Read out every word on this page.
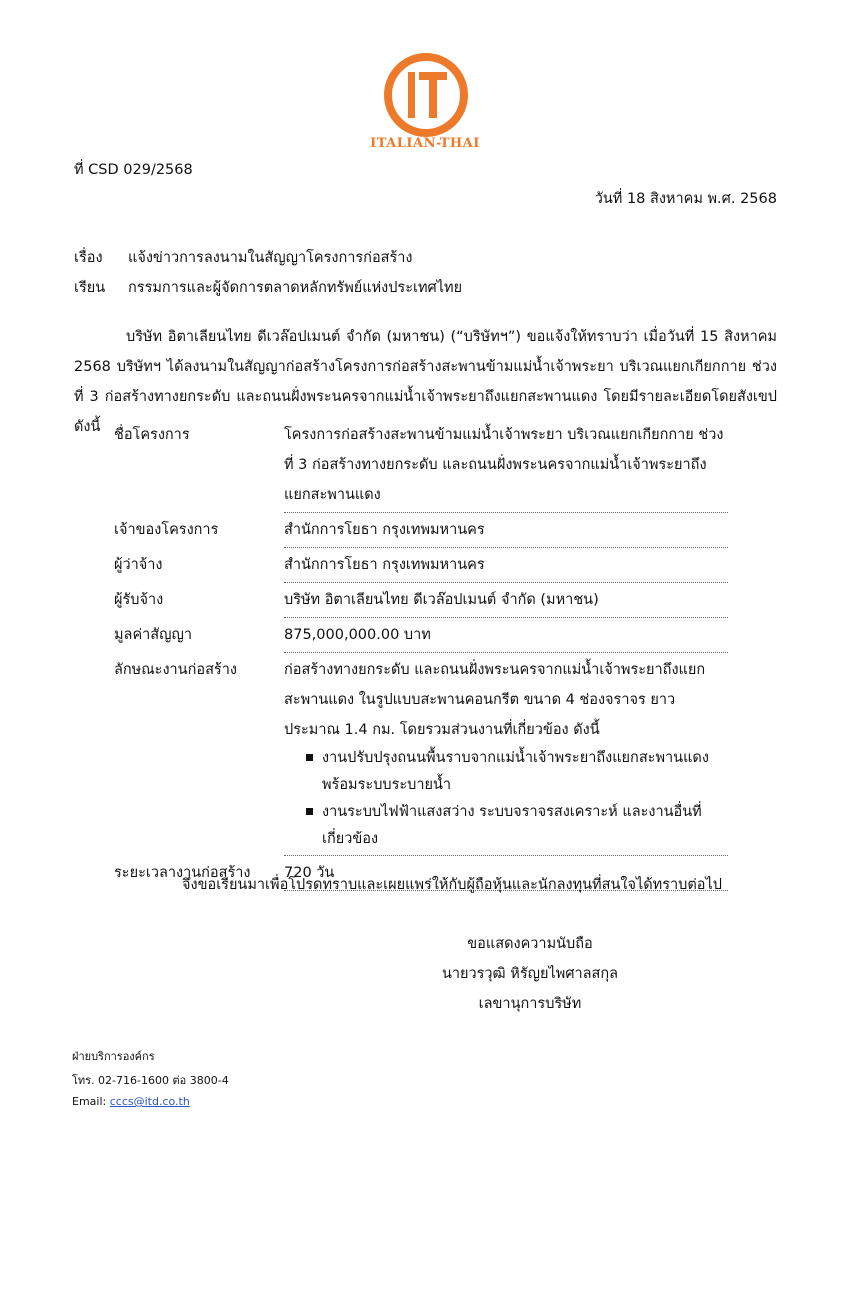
ITALIAN-THAI
ที่ CSD 029/2568
วันที่ 18 สิงหาคม พ.ศ. 2568
เรื่อง แจ้งข่าวการลงนามในสัญญาโครงการก่อสร้าง
เรียน กรรมการและผู้จัดการตลาดหลักทรัพย์แห่งประเทศไทย
บริษัท อิตาเลียนไทย ดีเวล๊อปเมนต์ จำกัด (มหาชน) (“บริษัทฯ”) ขอแจ้งให้ทราบว่า เมื่อวันที่ 15 สิงหาคม 2568 บริษัทฯ ได้ลงนามในสัญญาก่อสร้างโครงการก่อสร้างสะพานข้ามแม่น้ำเจ้าพระยา บริเวณแยกเกียกกาย ช่วงที่ 3 ก่อสร้างทางยกระดับ และถนนฝั่งพระนครจากแม่น้ำเจ้าพระยาถึงแยกสะพานแดง โดยมีรายละเอียดโดยสังเขป ดังนี้ ชื่อโครงการ	โครงการก่อสร้างสะพานข้ามแม่น้ำเจ้าพระยา บริเวณแยกเกียกกาย ช่วงที่ 3 ก่อสร้างทางยกระดับ และถนนฝั่งพระนครจากแม่น้ำเจ้าพระยาถึงแยกสะพานแดง
เจ้าของโครงการ	สำนักการโยธา กรุงเทพมหานคร
ผู้ว่าจ้าง	สำนักการโยธา กรุงเทพมหานคร
ผู้รับจ้าง	บริษัท อิตาเลียนไทย ดีเวล๊อปเมนต์ จำกัด (มหาชน)
มูลค่าสัญญา	875,000,000.00 บาท
ลักษณะงานก่อสร้าง	ก่อสร้างทางยกระดับ และถนนฝั่งพระนครจากแม่น้ำเจ้าพระยาถึงแยกสะพานแดง ในรูปแบบสะพานคอนกรีต ขนาด 4 ช่องจราจร ยาวประมาณ 1.4 กม. โดยรวมส่วนงานที่เกี่ยวข้อง ดังนี้
งานปรับปรุงถนนพื้นราบจากแม่น้ำเจ้าพระยาถึงแยกสะพานแดง พร้อมระบบระบายน้ำ
งานระบบไฟฟ้าแสงสว่าง ระบบจราจรสงเคราะห์ และงานอื่นที่เกี่ยวข้อง
ระยะเวลางานก่อสร้าง	720 วัน
จึงขอเรียนมาเพื่อโปรดทราบและเผยแพร่ให้กับผู้ถือหุ้นและนักลงทุนที่สนใจได้ทราบต่อไป
ขอแสดงความนับถือ
นายวรวุฒิ หิรัญยไพศาลสกุล
เลขานุการบริษัท
ฝ่ายบริการองค์กร
โทร. 02-716-1600 ต่อ 3800-4
Email: cccs@itd.co.th
